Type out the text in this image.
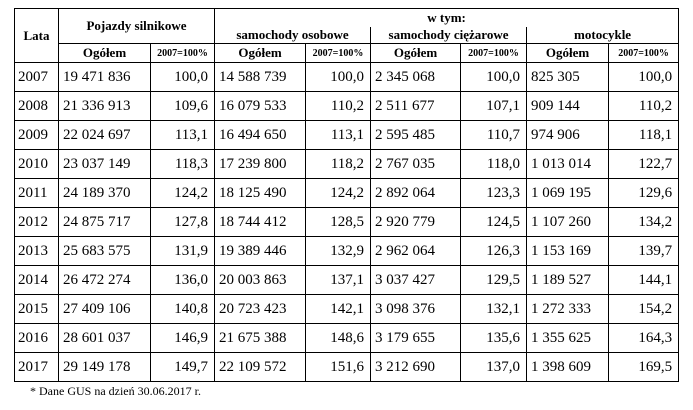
Lata	Pojazdy silnikowe		w tym:					
			samochody osobowe		samochody ciężarowe		motocykle	
	Ogółem	2007=100%	Ogółem	2007=100%	Ogółem	2007=100%	Ogółem	2007=100%
2007	19 471 836	100,0	14 588 739	100,0	2 345 068	100,0	825 305	100,0
2008	21 336 913	109,6	16 079 533	110,2	2 511 677	107,1	909 144	110,2
2009	22 024 697	113,1	16 494 650	113,1	2 595 485	110,7	974 906	118,1
2010	23 037 149	118,3	17 239 800	118,2	2 767 035	118,0	1 013 014	122,7
2011	24 189 370	124,2	18 125 490	124,2	2 892 064	123,3	1 069 195	129,6
2012	24 875 717	127,8	18 744 412	128,5	2 920 779	124,5	1 107 260	134,2
2013	25 683 575	131,9	19 389 446	132,9	2 962 064	126,3	1 153 169	139,7
2014	26 472 274	136,0	20 003 863	137,1	3 037 427	129,5	1 189 527	144,1
2015	27 409 106	140,8	20 723 423	142,1	3 098 376	132,1	1 272 333	154,2
2016	28 601 037	146,9	21 675 388	148,6	3 179 655	135,6	1 355 625	164,3
2017	29 149 178	149,7	22 109 572	151,6	3 212 690	137,0	1 398 609	169,5
* Dane GUS na dzień 30.06.2017 r.
